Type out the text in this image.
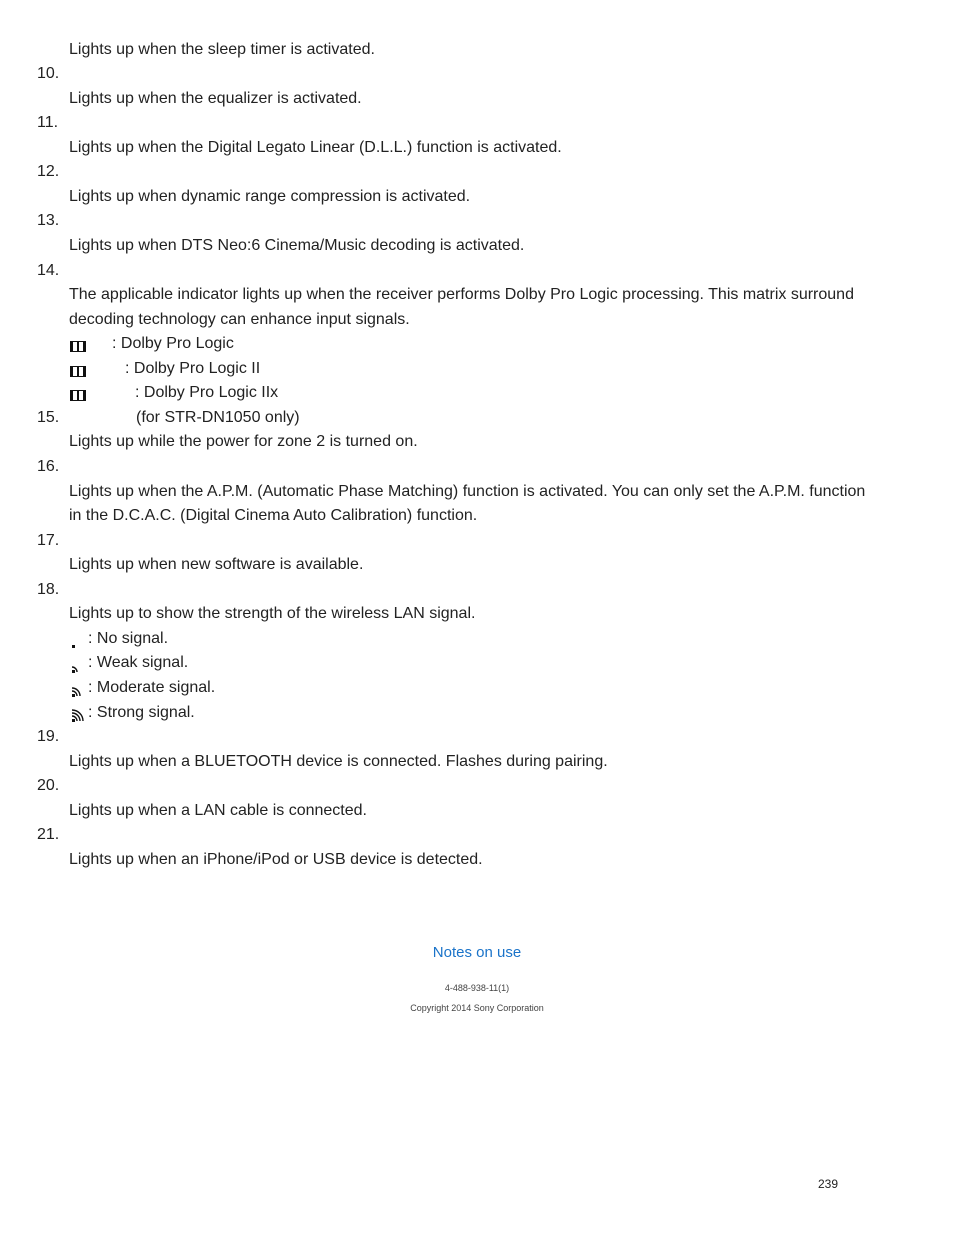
Lights up when the sleep timer is activated.
10.
Lights up when the equalizer is activated.
11.
Lights up when the Digital Legato Linear (D.L.L.) function is activated.
12.
Lights up when dynamic range compression is activated.
13.
Lights up when DTS Neo:6 Cinema/Music decoding is activated.
14.
The applicable indicator lights up when the receiver performs Dolby Pro Logic processing. This matrix surround
decoding technology can enhance input signals.
: Dolby Pro Logic
: Dolby Pro Logic II
: Dolby Pro Logic IIx
15.	(for STR-DN1050 only)
Lights up while the power for zone 2 is turned on.
16.
Lights up when the A.P.M. (Automatic Phase Matching) function is activated. You can only set the A.P.M. function
in the D.C.A.C. (Digital Cinema Auto Calibration) function.
17.
Lights up when new software is available.
18.
Lights up to show the strength of the wireless LAN signal.
: No signal.
: Weak signal.
: Moderate signal.
: Strong signal.
19.
Lights up when a BLUETOOTH device is connected. Flashes during pairing.
20.
Lights up when a LAN cable is connected.
21.
Lights up when an iPhone/iPod or USB device is detected.
Notes on use
4-488-938-11(1)
Copyright 2014 Sony Corporation
239
